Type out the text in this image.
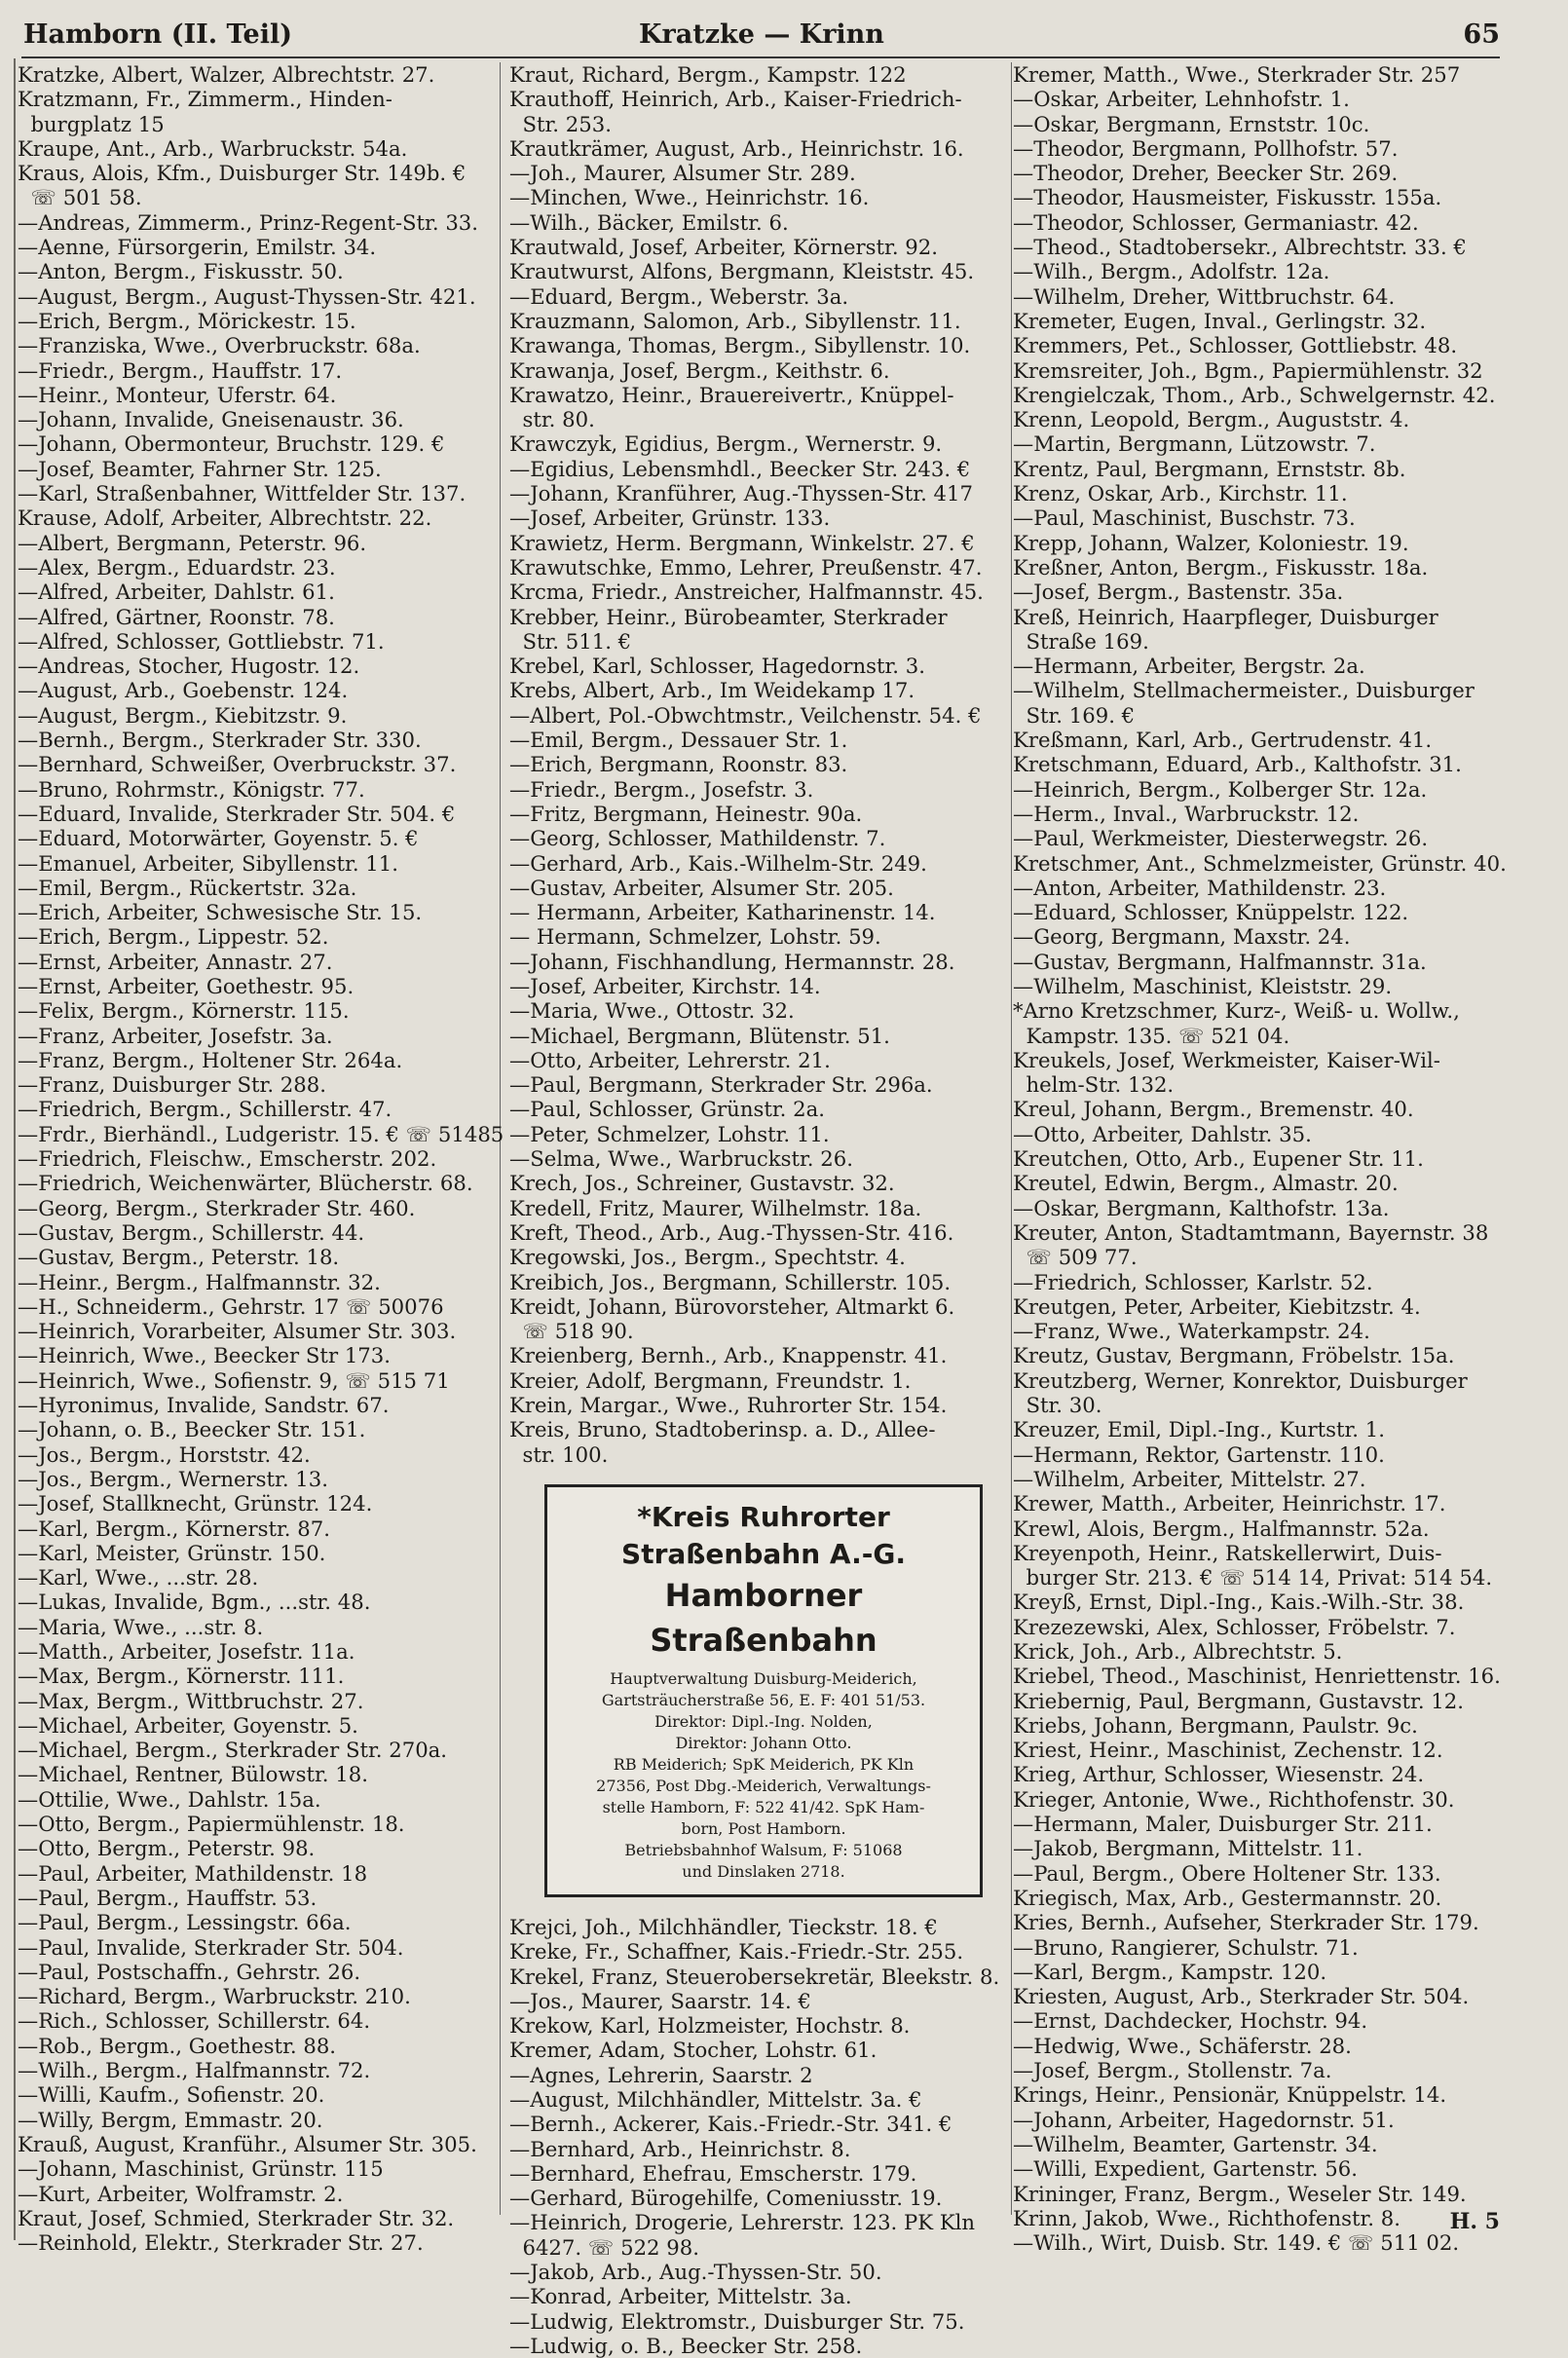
Hamborn (II. Teil)	Kratzke — Krinn	65
Kratzke, Albert, Walzer, Albrechtstr. 27.
Kratzmann, Fr., Zimmerm., Hinden-
burgplatz 15
Kraupe, Ant., Arb., Warbruckstr. 54a.
Kraus, Alois, Kfm., Duisburger Str. 149b. €
☏ 501 58.
—Andreas, Zimmerm., Prinz-Regent-Str. 33.
—Aenne, Fürsorgerin, Emilstr. 34.
—Anton, Bergm., Fiskusstr. 50.
—August, Bergm., August-Thyssen-Str. 421.
—Erich, Bergm., Mörickestr. 15.
—Franziska, Wwe., Overbruckstr. 68a.
—Friedr., Bergm., Hauffstr. 17.
—Heinr., Monteur, Uferstr. 64.
—Johann, Invalide, Gneisenaustr. 36.
—Johann, Obermonteur, Bruchstr. 129. €
—Josef, Beamter, Fahrner Str. 125.
—Karl, Straßenbahner, Wittfelder Str. 137.
Krause, Adolf, Arbeiter, Albrechtstr. 22.
—Albert, Bergmann, Peterstr. 96.
—Alex, Bergm., Eduardstr. 23.
—Alfred, Arbeiter, Dahlstr. 61.
—Alfred, Gärtner, Roonstr. 78.
—Alfred, Schlosser, Gottliebstr. 71.
—Andreas, Stocher, Hugostr. 12.
—August, Arb., Goebenstr. 124.
—August, Bergm., Kiebitzstr. 9.
—Bernh., Bergm., Sterkrader Str. 330.
—Bernhard, Schweißer, Overbruckstr. 37.
—Bruno, Rohrmstr., Königstr. 77.
—Eduard, Invalide, Sterkrader Str. 504. €
—Eduard, Motorwärter, Goyenstr. 5. €
—Emanuel, Arbeiter, Sibyllenstr. 11.
—Emil, Bergm., Rückertstr. 32a.
—Erich, Arbeiter, Schwesische Str. 15.
—Erich, Bergm., Lippestr. 52.
—Ernst, Arbeiter, Annastr. 27.
—Ernst, Arbeiter, Goethestr. 95.
—Felix, Bergm., Körnerstr. 115.
—Franz, Arbeiter, Josefstr. 3a.
—Franz, Bergm., Holtener Str. 264a.
—Franz, Duisburger Str. 288.
—Friedrich, Bergm., Schillerstr. 47.
—Frdr., Bierhändl., Ludgeristr. 15. € ☏ 51485
—Friedrich, Fleischw., Emscherstr. 202.
—Friedrich, Weichenwärter, Blücherstr. 68.
—Georg, Bergm., Sterkrader Str. 460.
—Gustav, Bergm., Schillerstr. 44.
—Gustav, Bergm., Peterstr. 18.
—Heinr., Bergm., Halfmannstr. 32.
—H., Schneiderm., Gehrstr. 17 ☏ 50076
—Heinrich, Vorarbeiter, Alsumer Str. 303.
—Heinrich, Wwe., Beecker Str 173.
—Heinrich, Wwe., Sofienstr. 9, ☏ 515 71
—Hyronimus, Invalide, Sandstr. 67.
—Johann, o. B., Beecker Str. 151.
—Jos., Bergm., Horststr. 42.
—Jos., Bergm., Wernerstr. 13.
—Josef, Stallknecht, Grünstr. 124.
—Karl, Bergm., Körnerstr. 87.
—Karl, Meister, Grünstr. 150.
—Karl, Wwe., ...str. 28.
—Lukas, Invalide, Bgm., ...str. 48.
—Maria, Wwe., ...str. 8.
—Matth., Arbeiter, Josefstr. 11a.
—Max, Bergm., Körnerstr. 111.
—Max, Bergm., Wittbruchstr. 27.
—Michael, Arbeiter, Goyenstr. 5.
—Michael, Bergm., Sterkrader Str. 270a.
—Michael, Rentner, Bülowstr. 18.
—Ottilie, Wwe., Dahlstr. 15a.
—Otto, Bergm., Papiermühlenstr. 18.
—Otto, Bergm., Peterstr. 98.
—Paul, Arbeiter, Mathildenstr. 18
—Paul, Bergm., Hauffstr. 53.
—Paul, Bergm., Lessingstr. 66a.
—Paul, Invalide, Sterkrader Str. 504.
—Paul, Postschaffn., Gehrstr. 26.
—Richard, Bergm., Warbruckstr. 210.
—Rich., Schlosser, Schillerstr. 64.
—Rob., Bergm., Goethestr. 88.
—Wilh., Bergm., Halfmannstr. 72.
—Willi, Kaufm., Sofienstr. 20.
—Willy, Bergm, Emmastr. 20.
Krauß, August, Kranführ., Alsumer Str. 305.
—Johann, Maschinist, Grünstr. 115
—Kurt, Arbeiter, Wolframstr. 2.
Kraut, Josef, Schmied, Sterkrader Str. 32.
—Reinhold, Elektr., Sterkrader Str. 27.
Kraut, Richard, Bergm., Kampstr. 122
Krauthoff, Heinrich, Arb., Kaiser-Friedrich-
Str. 253.
Krautkrämer, August, Arb., Heinrichstr. 16.
—Joh., Maurer, Alsumer Str. 289.
—Minchen, Wwe., Heinrichstr. 16.
—Wilh., Bäcker, Emilstr. 6.
Krautwald, Josef, Arbeiter, Körnerstr. 92.
Krautwurst, Alfons, Bergmann, Kleiststr. 45.
—Eduard, Bergm., Weberstr. 3a.
Krauzmann, Salomon, Arb., Sibyllenstr. 11.
Krawanga, Thomas, Bergm., Sibyllenstr. 10.
Krawanja, Josef, Bergm., Keithstr. 6.
Krawatzo, Heinr., Brauereivertr., Knüppel-
str. 80.
Krawczyk, Egidius, Bergm., Wernerstr. 9.
—Egidius, Lebensmhdl., Beecker Str. 243. €
—Johann, Kranführer, Aug.-Thyssen-Str. 417
—Josef, Arbeiter, Grünstr. 133.
Krawietz, Herm. Bergmann, Winkelstr. 27. €
Krawutschke, Emmo, Lehrer, Preußenstr. 47.
Krcma, Friedr., Anstreicher, Halfmannstr. 45.
Krebber, Heinr., Bürobeamter, Sterkrader
Str. 511. €
Krebel, Karl, Schlosser, Hagedornstr. 3.
Krebs, Albert, Arb., Im Weidekamp 17.
—Albert, Pol.-Obwchtmstr., Veilchenstr. 54. €
—Emil, Bergm., Dessauer Str. 1.
—Erich, Bergmann, Roonstr. 83.
—Friedr., Bergm., Josefstr. 3.
—Fritz, Bergmann, Heinestr. 90a.
—Georg, Schlosser, Mathildenstr. 7.
—Gerhard, Arb., Kais.-Wilhelm-Str. 249.
—Gustav, Arbeiter, Alsumer Str. 205.
— Hermann, Arbeiter, Katharinenstr. 14.
— Hermann, Schmelzer, Lohstr. 59.
—Johann, Fischhandlung, Hermannstr. 28.
—Josef, Arbeiter, Kirchstr. 14.
—Maria, Wwe., Ottostr. 32.
—Michael, Bergmann, Blütenstr. 51.
—Otto, Arbeiter, Lehrerstr. 21.
—Paul, Bergmann, Sterkrader Str. 296a.
—Paul, Schlosser, Grünstr. 2a.
—Peter, Schmelzer, Lohstr. 11.
—Selma, Wwe., Warbruckstr. 26.
Krech, Jos., Schreiner, Gustavstr. 32.
Kredell, Fritz, Maurer, Wilhelmstr. 18a.
Kreft, Theod., Arb., Aug.-Thyssen-Str. 416.
Kregowski, Jos., Bergm., Spechtstr. 4.
Kreibich, Jos., Bergmann, Schillerstr. 105.
Kreidt, Johann, Bürovorsteher, Altmarkt 6.
☏ 518 90.
Kreienberg, Bernh., Arb., Knappenstr. 41.
Kreier, Adolf, Bergmann, Freundstr. 1.
Krein, Margar., Wwe., Ruhrorter Str. 154.
Kreis, Bruno, Stadtoberinsp. a. D., Allee-
str. 100.
*Kreis Ruhrorter Straßenbahn A.-G.
Hamborner Straßenbahn
Hauptverwaltung Duisburg-Meiderich,
Gartsträucherstraße 56, E. F: 401 51/53.
Direktor: Dipl.-Ing. Nolden,
Direktor: Johann Otto.
RB Meiderich; SpK Meiderich, PK Kln
27356, Post Dbg.-Meiderich, Verwaltungs-
stelle Hamborn, F: 522 41/42. SpK Ham-
born, Post Hamborn.
Betriebsbahnhof Walsum, F: 51068
und Dinslaken 2718.
Krejci, Joh., Milchhändler, Tieckstr. 18. €
Kreke, Fr., Schaffner, Kais.-Friedr.-Str. 255.
Krekel, Franz, Steuerobersekretär, Bleekstr. 8.
—Jos., Maurer, Saarstr. 14. €
Krekow, Karl, Holzmeister, Hochstr. 8.
Kremer, Adam, Stocher, Lohstr. 61.
—Agnes, Lehrerin, Saarstr. 2
—August, Milchhändler, Mittelstr. 3a. €
—Bernh., Ackerer, Kais.-Friedr.-Str. 341. €
—Bernhard, Arb., Heinrichstr. 8.
—Bernhard, Ehefrau, Emscherstr. 179.
—Gerhard, Bürogehilfe, Comeniusstr. 19.
—Heinrich, Drogerie, Lehrerstr. 123. PK Kln
6427. ☏ 522 98.
—Jakob, Arb., Aug.-Thyssen-Str. 50.
—Konrad, Arbeiter, Mittelstr. 3a.
—Ludwig, Elektromstr., Duisburger Str. 75.
—Ludwig, o. B., Beecker Str. 258.
Kremer, Matth., Wwe., Sterkrader Str. 257
—Oskar, Arbeiter, Lehnhofstr. 1.
—Oskar, Bergmann, Ernststr. 10c.
—Theodor, Bergmann, Pollhofstr. 57.
—Theodor, Dreher, Beecker Str. 269.
—Theodor, Hausmeister, Fiskusstr. 155a.
—Theodor, Schlosser, Germaniastr. 42.
—Theod., Stadtobersekr., Albrechtstr. 33. €
—Wilh., Bergm., Adolfstr. 12a.
—Wilhelm, Dreher, Wittbruchstr. 64.
Kremeter, Eugen, Inval., Gerlingstr. 32.
Kremmers, Pet., Schlosser, Gottliebstr. 48.
Kremsreiter, Joh., Bgm., Papiermühlenstr. 32
Krengielczak, Thom., Arb., Schwelgernstr. 42.
Krenn, Leopold, Bergm., Auguststr. 4.
—Martin, Bergmann, Lützowstr. 7.
Krentz, Paul, Bergmann, Ernststr. 8b.
Krenz, Oskar, Arb., Kirchstr. 11.
—Paul, Maschinist, Buschstr. 73.
Krepp, Johann, Walzer, Koloniestr. 19.
Kreßner, Anton, Bergm., Fiskusstr. 18a.
—Josef, Bergm., Bastenstr. 35a.
Kreß, Heinrich, Haarpfleger, Duisburger
Straße 169.
—Hermann, Arbeiter, Bergstr. 2a.
—Wilhelm, Stellmachermeister., Duisburger
Str. 169. €
Kreßmann, Karl, Arb., Gertrudenstr. 41.
Kretschmann, Eduard, Arb., Kalthofstr. 31.
—Heinrich, Bergm., Kolberger Str. 12a.
—Herm., Inval., Warbruckstr. 12.
—Paul, Werkmeister, Diesterwegstr. 26.
Kretschmer, Ant., Schmelzmeister, Grünstr. 40.
—Anton, Arbeiter, Mathildenstr. 23.
—Eduard, Schlosser, Knüppelstr. 122.
—Georg, Bergmann, Maxstr. 24.
—Gustav, Bergmann, Halfmannstr. 31a.
—Wilhelm, Maschinist, Kleiststr. 29.
*Arno Kretzschmer, Kurz-, Weiß- u. Wollw.,
Kampstr. 135. ☏ 521 04.
Kreukels, Josef, Werkmeister, Kaiser-Wil-
helm-Str. 132.
Kreul, Johann, Bergm., Bremenstr. 40.
—Otto, Arbeiter, Dahlstr. 35.
Kreutchen, Otto, Arb., Eupener Str. 11.
Kreutel, Edwin, Bergm., Almastr. 20.
—Oskar, Bergmann, Kalthofstr. 13a.
Kreuter, Anton, Stadtamtmann, Bayernstr. 38
☏ 509 77.
—Friedrich, Schlosser, Karlstr. 52.
Kreutgen, Peter, Arbeiter, Kiebitzstr. 4.
—Franz, Wwe., Waterkampstr. 24.
Kreutz, Gustav, Bergmann, Fröbelstr. 15a.
Kreutzberg, Werner, Konrektor, Duisburger
Str. 30.
Kreuzer, Emil, Dipl.-Ing., Kurtstr. 1.
—Hermann, Rektor, Gartenstr. 110.
—Wilhelm, Arbeiter, Mittelstr. 27.
Krewer, Matth., Arbeiter, Heinrichstr. 17.
Krewl, Alois, Bergm., Halfmannstr. 52a.
Kreyenpoth, Heinr., Ratskellerwirt, Duis-
burger Str. 213. € ☏ 514 14, Privat: 514 54.
Kreyß, Ernst, Dipl.-Ing., Kais.-Wilh.-Str. 38.
Krezezewski, Alex, Schlosser, Fröbelstr. 7.
Krick, Joh., Arb., Albrechtstr. 5.
Kriebel, Theod., Maschinist, Henriettenstr. 16.
Kriebernig, Paul, Bergmann, Gustavstr. 12.
Kriebs, Johann, Bergmann, Paulstr. 9c.
Kriest, Heinr., Maschinist, Zechenstr. 12.
Krieg, Arthur, Schlosser, Wiesenstr. 24.
Krieger, Antonie, Wwe., Richthofenstr. 30.
—Hermann, Maler, Duisburger Str. 211.
—Jakob, Bergmann, Mittelstr. 11.
—Paul, Bergm., Obere Holtener Str. 133.
Kriegisch, Max, Arb., Gestermannstr. 20.
Kries, Bernh., Aufseher, Sterkrader Str. 179.
—Bruno, Rangierer, Schulstr. 71.
—Karl, Bergm., Kampstr. 120.
Kriesten, August, Arb., Sterkrader Str. 504.
—Ernst, Dachdecker, Hochstr. 94.
—Hedwig, Wwe., Schäferstr. 28.
—Josef, Bergm., Stollenstr. 7a.
Krings, Heinr., Pensionär, Knüppelstr. 14.
—Johann, Arbeiter, Hagedornstr. 51.
—Wilhelm, Beamter, Gartenstr. 34.
—Willi, Expedient, Gartenstr. 56.
Krininger, Franz, Bergm., Weseler Str. 149.
Krinn, Jakob, Wwe., Richthofenstr. 8.
—Wilh., Wirt, Duisb. Str. 149. € ☏ 511 02.
H. 5
